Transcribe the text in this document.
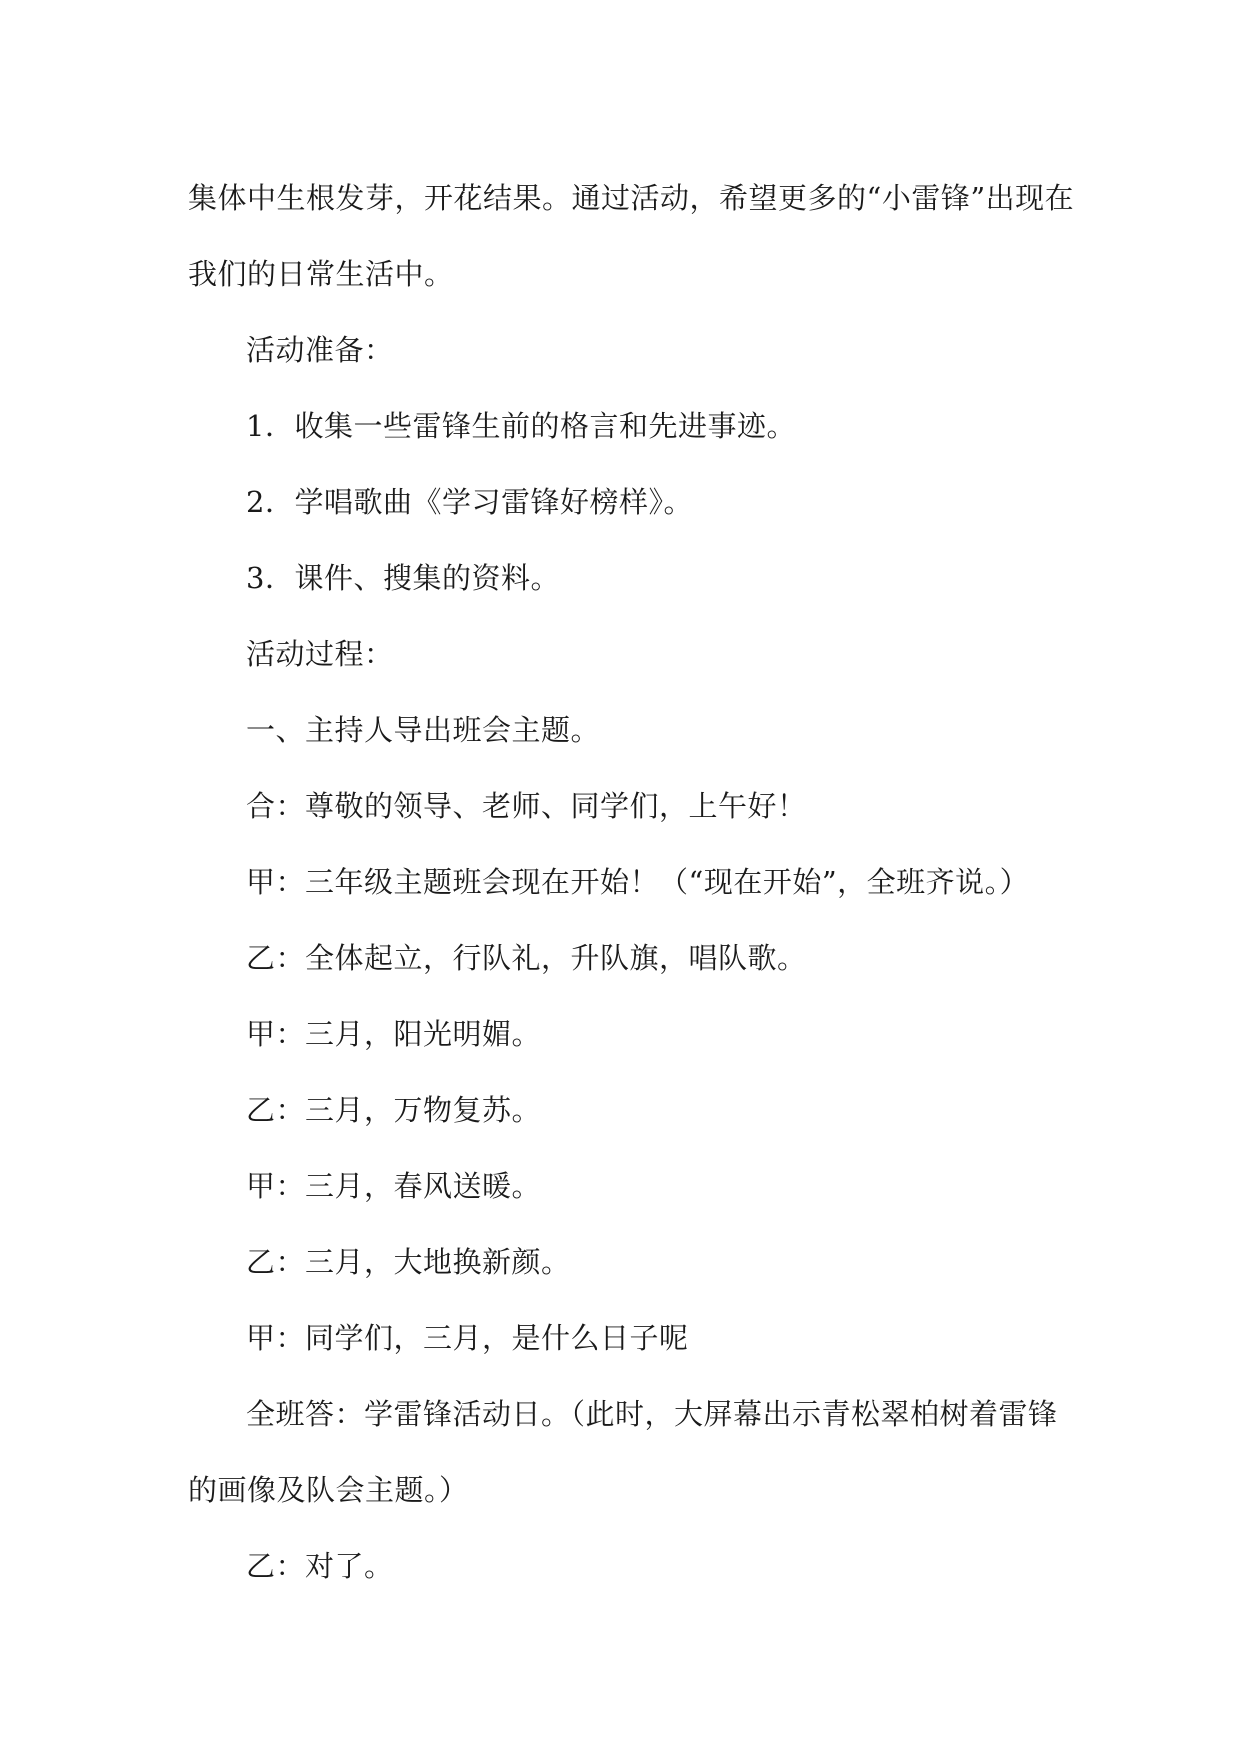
集体中生根发芽，开花结果。通过活动，希望更多的“小雷锋”出现在
我们的日常生活中。
活动准备：
1．收集一些雷锋生前的格言和先进事迹。
2．学唱歌曲《学习雷锋好榜样》。
3．课件、搜集的资料。
活动过程：
一、主持人导出班会主题。
合：尊敬的领导、老师、同学们，上午好！
甲：三年级主题班会现在开始！（“现在开始”，全班齐说。）
乙：全体起立，行队礼，升队旗，唱队歌。
甲：三月，阳光明媚。
乙：三月，万物复苏。
甲：三月，春风送暖。
乙：三月，大地换新颜。
甲：同学们，三月，是什么日子呢
全班答：学雷锋活动日。（此时，大屏幕出示青松翠柏树着雷锋
的画像及队会主题。）
乙：对了。
